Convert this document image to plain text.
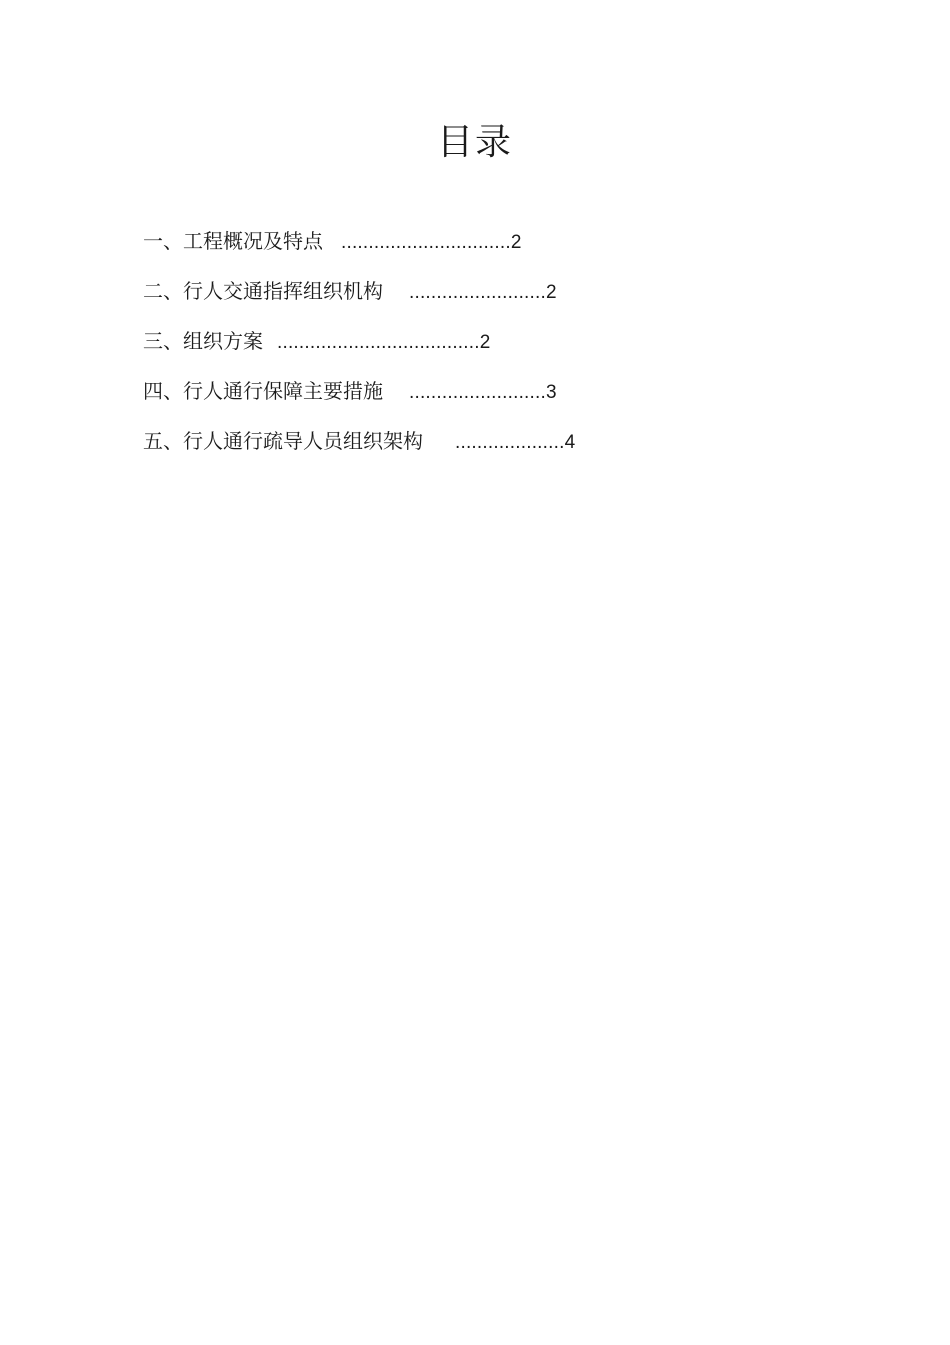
目录
一、工程概况及特点 ...............................2
二、行人交通指挥组织机构 .........................2
三、组织方案 .....................................2
四、行人通行保障主要措施 .........................3
五、行人通行疏导人员组织架构 ....................4
